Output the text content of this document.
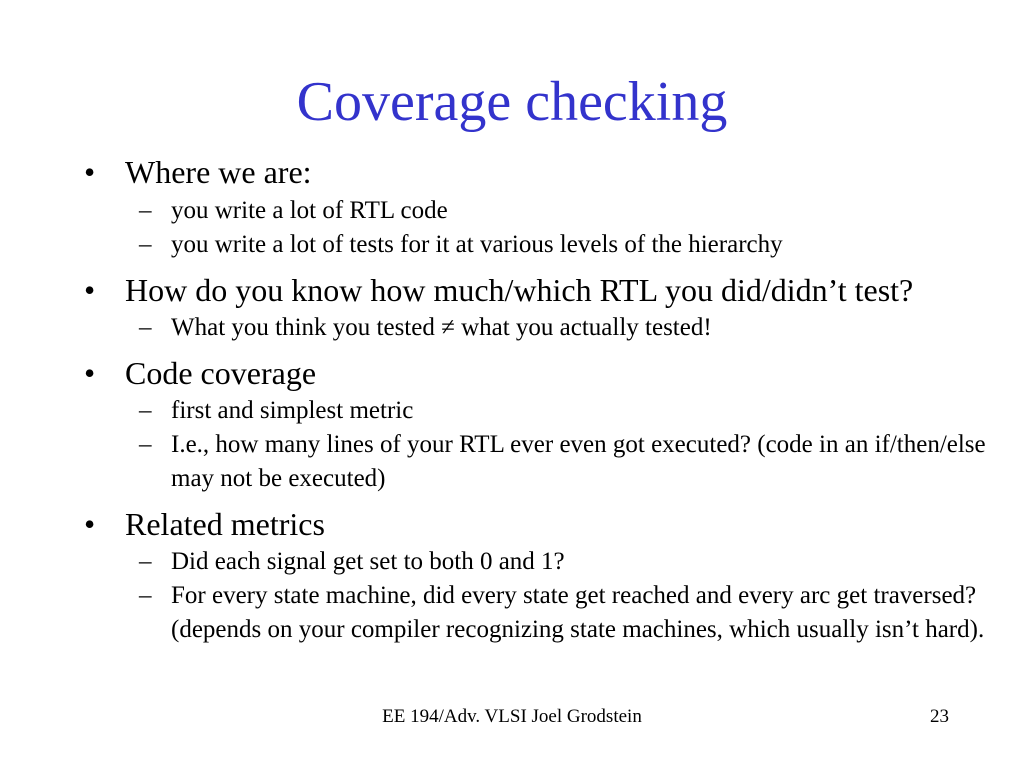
Coverage checking
• Where we are:
– you write a lot of RTL code
– you write a lot of tests for it at various levels of the hierarchy
• How do you know how much/which RTL you did/didn’t test?
– What you think you tested ≠ what you actually tested!
• Code coverage
– first and simplest metric
– I.e., how many lines of your RTL ever even got executed? (code in an if/then/else may not be executed)
• Related metrics
– Did each signal get set to both 0 and 1?
– For every state machine, did every state get reached and every arc get traversed? (depends on your compiler recognizing state machines, which usually isn’t hard).
EE 194/Adv. VLSI Joel Grodstein	23
